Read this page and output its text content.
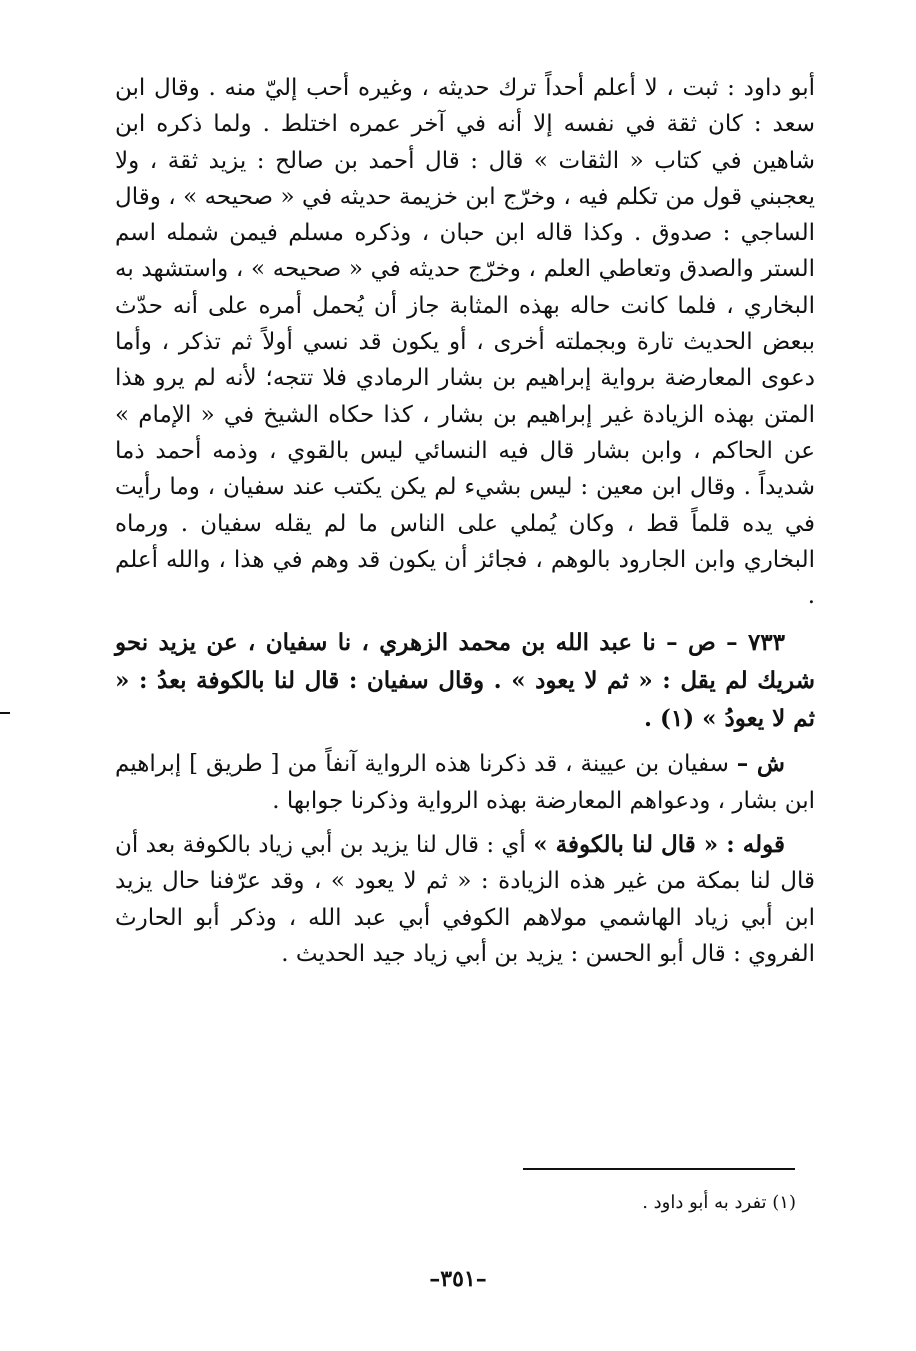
أبو داود : ثبت ، لا أعلم أحداً ترك حديثه ، وغيره أحب إليّ منه . وقال ابن سعد : كان ثقة في نفسه إلا أنه في آخر عمره اختلط . ولما ذكره ابن شاهين في كتاب « الثقات » قال : قال أحمد بن صالح : يزيد ثقة ، ولا يعجبني قول من تكلم فيه ، وخرّج ابن خزيمة حديثه في « صحيحه » ، وقال الساجي : صدوق . وكذا قاله ابن حبان ، وذكره مسلم فيمن شمله اسم الستر والصدق وتعاطي العلم ، وخرّج حديثه في « صحيحه » ، واستشهد به البخاري ، فلما كانت حاله بهذه المثابة جاز أن يُحمل أمره على أنه حدّث ببعض الحديث تارة وبجملته أخرى ، أو يكون قد نسي أولاً ثم تذكر ، وأما دعوى المعارضة برواية إبراهيم بن بشار الرمادي فلا تتجه؛ لأنه لم يرو هذا المتن بهذه الزيادة غير إبراهيم بن بشار ، كذا حكاه الشيخ في « الإمام » عن الحاكم ، وابن بشار قال فيه النسائي ليس بالقوي ، وذمه أحمد ذما شديداً . وقال ابن معين : ليس بشيء لم يكن يكتب عند سفيان ، وما رأيت في يده قلماً قط ، وكان يُملي على الناس ما لم يقله سفيان . ورماه البخاري وابن الجارود بالوهم ، فجائز أن يكون قد وهم في هذا ، والله أعلم .

٧٣٣ – ص – نا عبد الله بن محمد الزهري ، نا سفيان ، عن يزيد نحو شريك لم يقل : « ثم لا يعود » . وقال سفيان : قال لنا بالكوفة بعدُ : « ثم لا يعودُ » (١) .

ش – سفيان بن عيينة ، قد ذكرنا هذه الرواية آنفاً من [ طريق ] إبراهيم ابن بشار ، ودعواهم المعارضة بهذه الرواية وذكرنا جوابها .

قوله : « قال لنا بالكوفة » أي : قال لنا يزيد بن أبي زياد بالكوفة بعد أن قال لنا بمكة من غير هذه الزيادة : « ثم لا يعود » ، وقد عرّفنا حال يزيد ابن أبي زياد الهاشمي مولاهم الكوفي أبي عبد الله ، وذكر أبو الحارث الفروي : قال أبو الحسن : يزيد بن أبي زياد جيد الحديث .

(١) تفرد به أبو داود .
–٣٥١–
